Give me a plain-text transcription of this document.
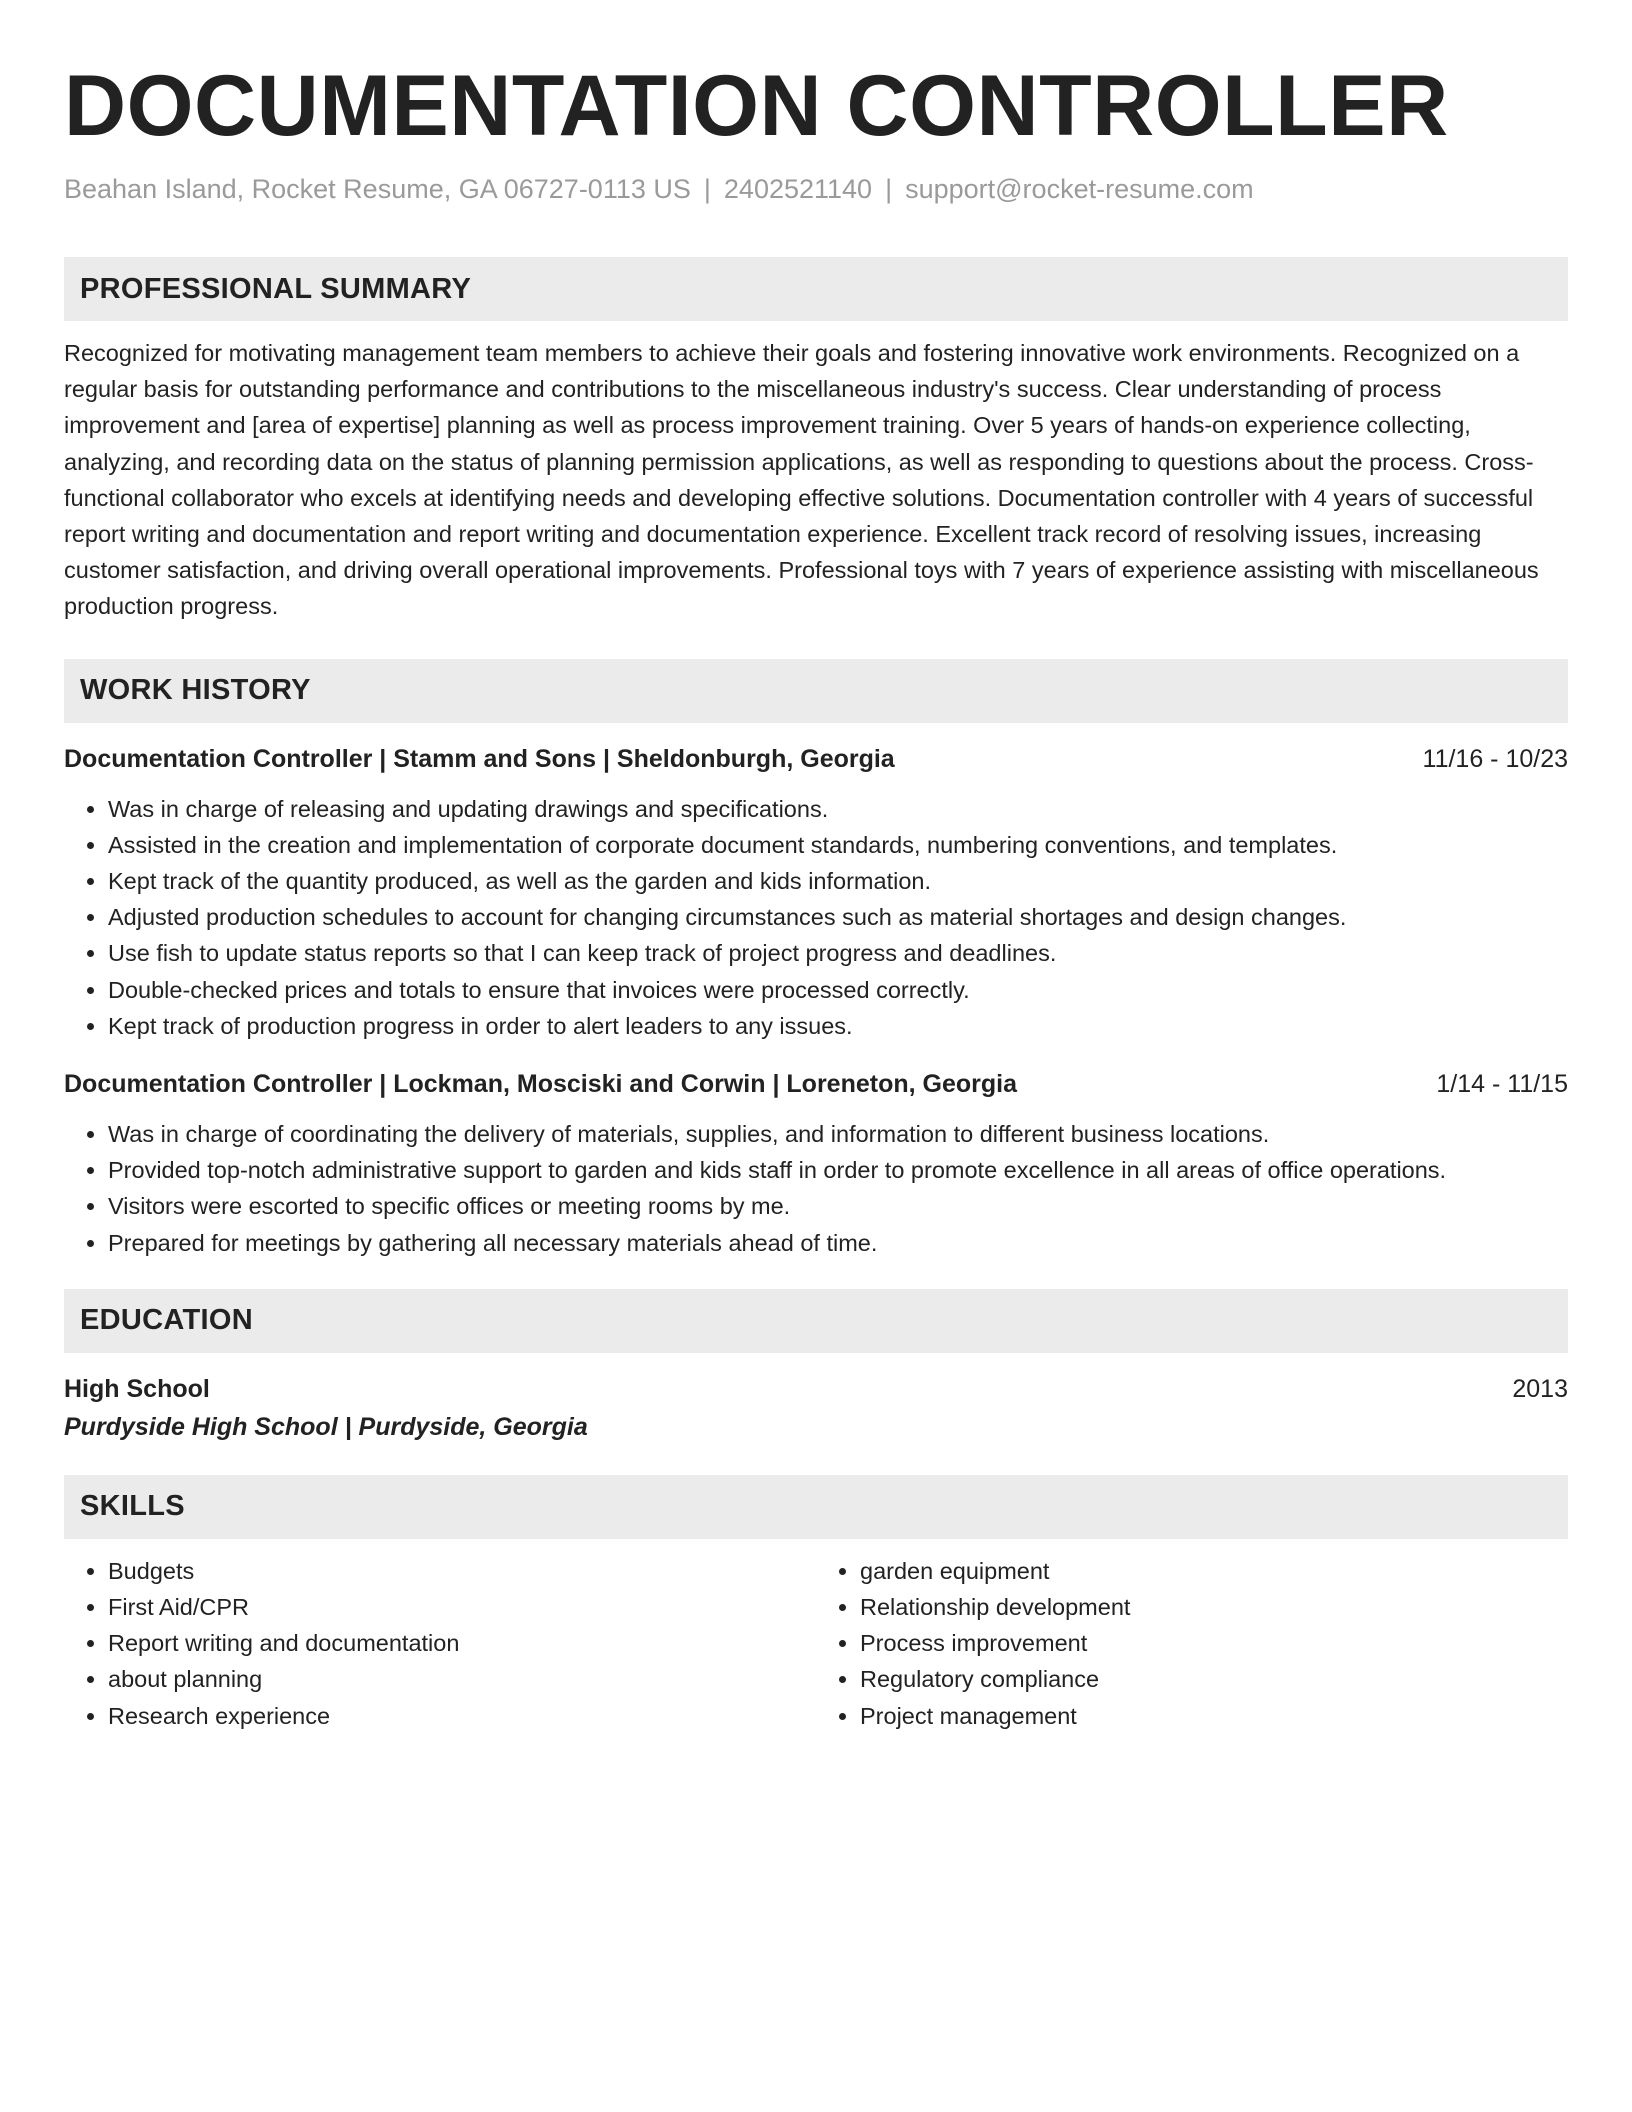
DOCUMENTATION CONTROLLER
Beahan Island, Rocket Resume, GA 06727-0113 US | 2402521140 | support@rocket-resume.com
PROFESSIONAL SUMMARY
Recognized for motivating management team members to achieve their goals and fostering innovative work environments. Recognized on a regular basis for outstanding performance and contributions to the miscellaneous industry's success. Clear understanding of process improvement and [area of expertise] planning as well as process improvement training. Over 5 years of hands-on experience collecting, analyzing, and recording data on the status of planning permission applications, as well as responding to questions about the process. Cross-functional collaborator who excels at identifying needs and developing effective solutions. Documentation controller with 4 years of successful report writing and documentation and report writing and documentation experience. Excellent track record of resolving issues, increasing customer satisfaction, and driving overall operational improvements. Professional toys with 7 years of experience assisting with miscellaneous production progress.
WORK HISTORY
Documentation Controller | Stamm and Sons | Sheldonburgh, Georgia	11/16 - 10/23
• Was in charge of releasing and updating drawings and specifications.
• Assisted in the creation and implementation of corporate document standards, numbering conventions, and templates.
• Kept track of the quantity produced, as well as the garden and kids information.
• Adjusted production schedules to account for changing circumstances such as material shortages and design changes.
• Use fish to update status reports so that I can keep track of project progress and deadlines.
• Double-checked prices and totals to ensure that invoices were processed correctly.
• Kept track of production progress in order to alert leaders to any issues.
Documentation Controller | Lockman, Mosciski and Corwin | Loreneton, Georgia	1/14 - 11/15
• Was in charge of coordinating the delivery of materials, supplies, and information to different business locations.
• Provided top-notch administrative support to garden and kids staff in order to promote excellence in all areas of office operations.
• Visitors were escorted to specific offices or meeting rooms by me.
• Prepared for meetings by gathering all necessary materials ahead of time.
EDUCATION
High School	2013
Purdyside High School | Purdyside, Georgia
SKILLS
• Budgets
• First Aid/CPR
• Report writing and documentation
• about planning
• Research experience
• garden equipment
• Relationship development
• Process improvement
• Regulatory compliance
• Project management
